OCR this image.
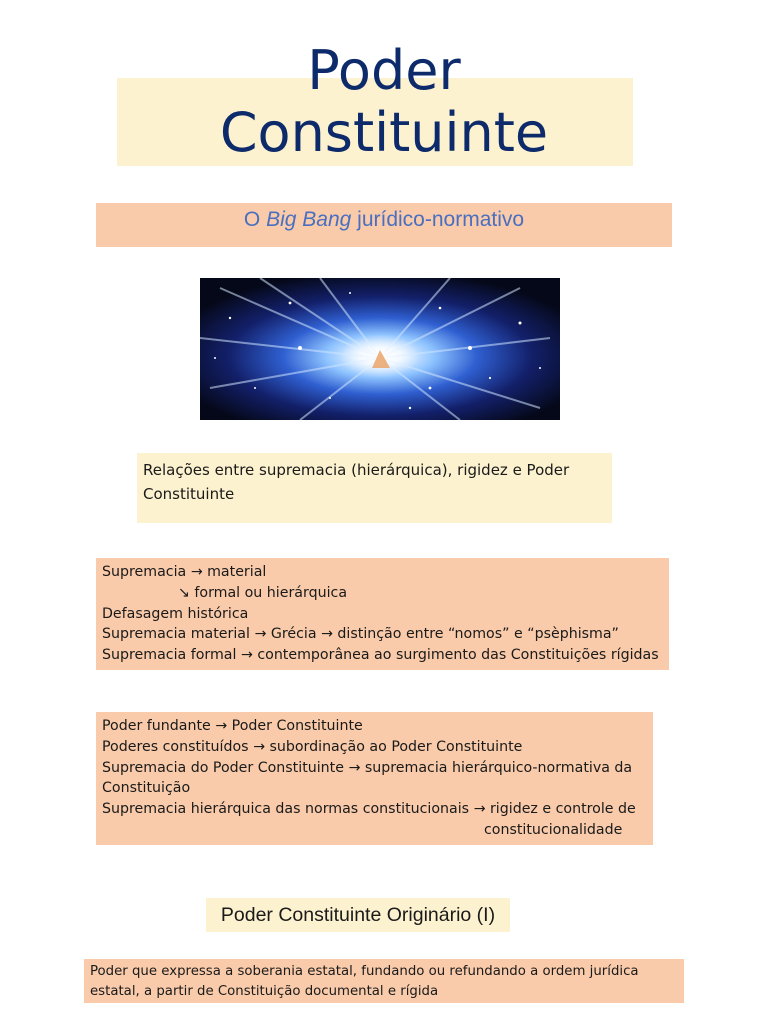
Poder
Constituinte
O Big Bang jurídico-normativo
Relações entre supremacia (hierárquica), rigidez e Poder Constituinte
Supremacia → material
↘ formal ou hierárquica
Defasagem histórica
Supremacia material → Grécia → distinção entre “nomos” e “psèphisma”
Supremacia formal → contemporânea ao surgimento das Constituições rígidas
Poder fundante → Poder Constituinte
Poderes constituídos → subordinação ao Poder Constituinte
Supremacia do Poder Constituinte → supremacia hierárquico-normativa da Constituição
Supremacia hierárquica das normas constitucionais → rigidez e controle de
constitucionalidade
Poder Constituinte Originário (I)
Poder que expressa a soberania estatal, fundando ou refundando a ordem jurídica estatal, a partir de Constituição documental e rígida
